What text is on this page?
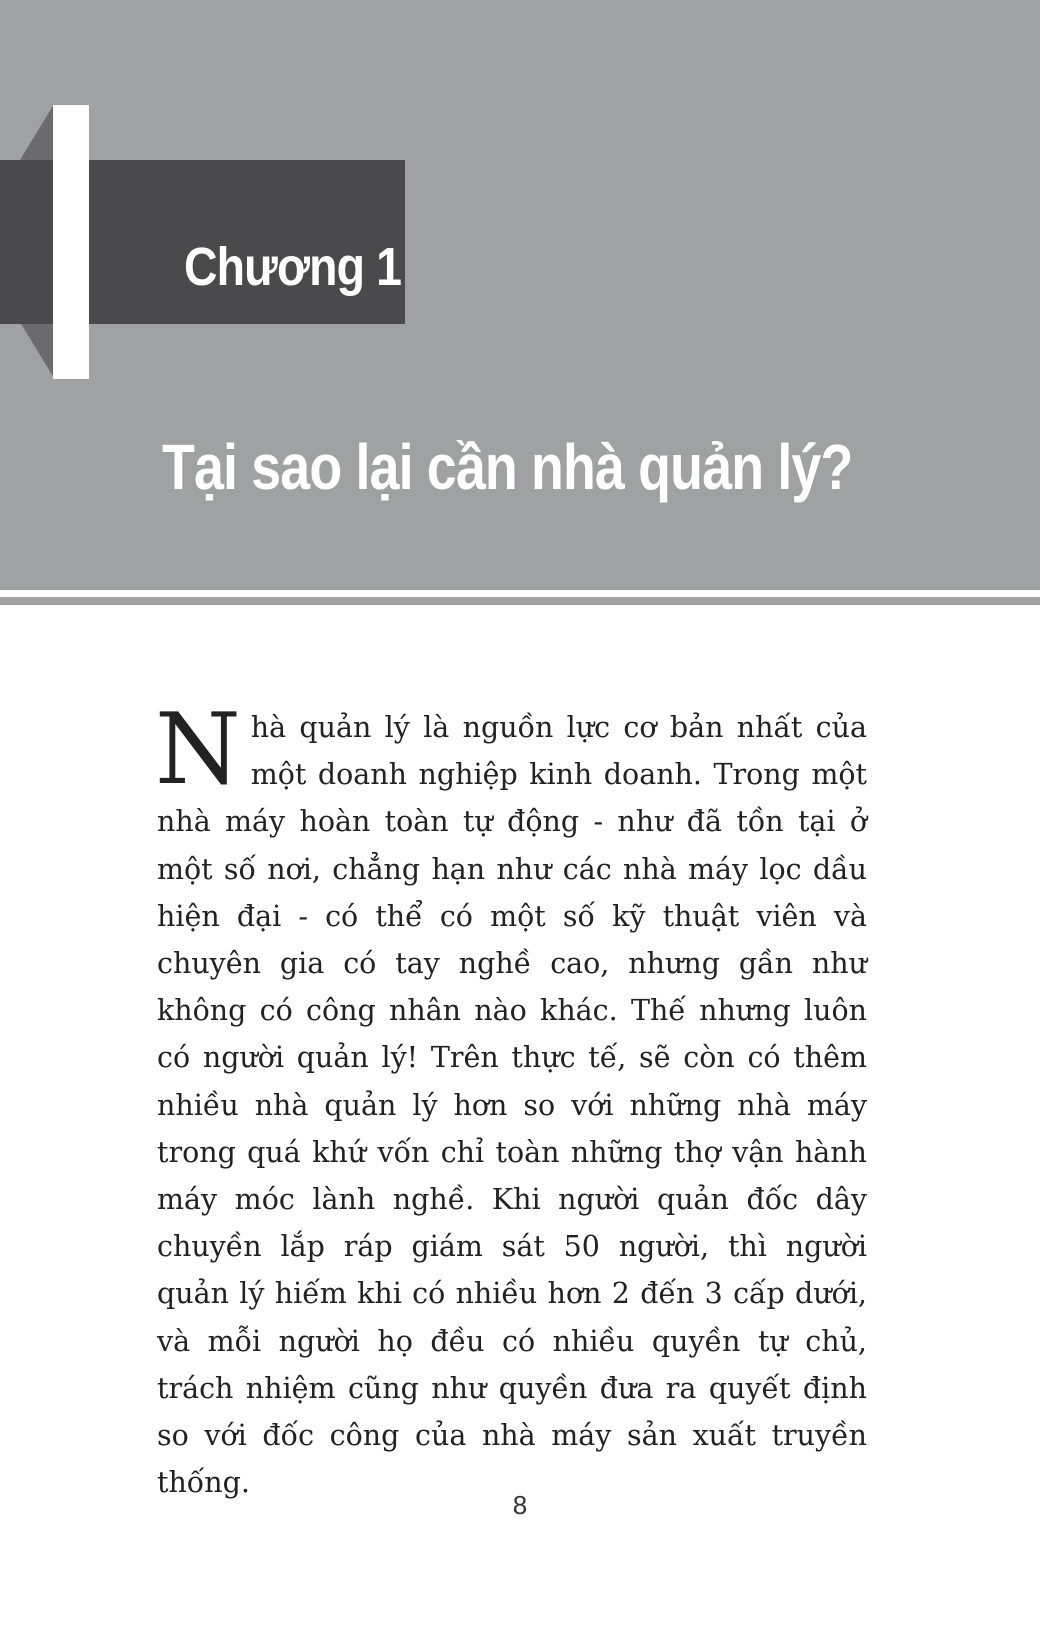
Chương 1
Tại sao lại cần nhà quản lý?

Nhà quản lý là nguồn lực cơ bản nhất của một doanh nghiệp kinh doanh. Trong một nhà máy hoàn toàn tự động - như đã tồn tại ở một số nơi, chẳng hạn như các nhà máy lọc dầu hiện đại - có thể có một số kỹ thuật viên và chuyên gia có tay nghề cao, nhưng gần như không có công nhân nào khác. Thế nhưng luôn có người quản lý! Trên thực tế, sẽ còn có thêm nhiều nhà quản lý hơn so với những nhà máy trong quá khứ vốn chỉ toàn những thợ vận hành máy móc lành nghề. Khi người quản đốc dây chuyền lắp ráp giám sát 50 người, thì người quản lý hiếm khi có nhiều hơn 2 đến 3 cấp dưới, và mỗi người họ đều có nhiều quyền tự chủ, trách nhiệm cũng như quyền đưa ra quyết định so với đốc công của nhà máy sản xuất truyền thống.

8
